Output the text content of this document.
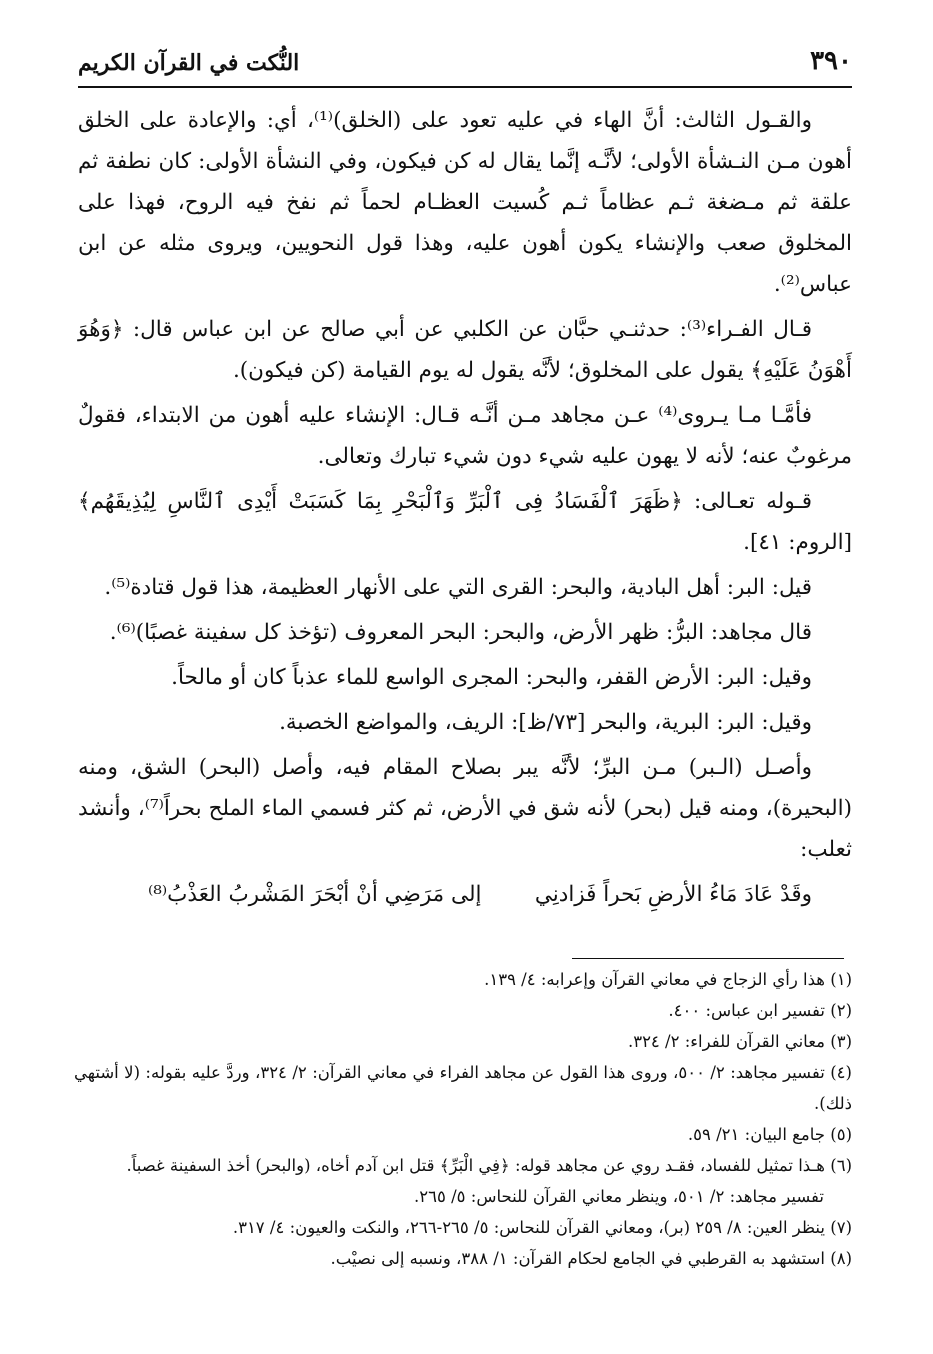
٣٩٠
النُّكت في القرآن الكريم

والقـول الثالث: أنَّ الهاء في عليه تعود على (الخلق)⁽¹⁾، أي: والإعادة على الخلق أهون مـن النـشأة الأولى؛ لأنَّـه إنَّما يقال له كن فيكون، وفي النشأة الأولى: كان نطفة ثم علقة ثم مـضغة ثـم عظاماً ثـم كُسيت العظـام لحماً ثم نفخ فيه الروح، فهذا على المخلوق صعب والإنشاء يكون أهون عليه، وهذا قول النحويين، ويروى مثله عن ابن عباس⁽²⁾.

قـال الفـراء⁽³⁾: حدثنـي حبَّان عن الكلبي عن أبي صالح عن ابن عباس قال: ﴿وَهُوَ أَهْوَنُ عَلَيْهِ﴾ يقول على المخلوق؛ لأنَّه يقول له يوم القيامة (كن فيكون).

فأمَّـا مـا يـروى⁽⁴⁾ عـن مجاهد مـن أنَّـه قـال: الإنشاء عليه أهون من الابتداء، فقولٌ مرغوبٌ عنه؛ لأنه لا يهون عليه شيء دون شيء تبارك وتعالى.

قـوله تعـالى: ﴿ظَهَرَ ٱلْفَسَادُ فِى ٱلْبَرِّ وَٱلْبَحْرِ بِمَا كَسَبَتْ أَيْدِى ٱلنَّاسِ لِيُذِيقَهُم﴾ [الروم: ٤١].

قيل: البر: أهل البادية، والبحر: القرى التي على الأنهار العظيمة، هذا قول قتادة⁽⁵⁾.

قال مجاهد: البرُّ: ظهر الأرض، والبحر: البحر المعروف (تؤخذ كل سفينة غصبًا)⁽⁶⁾.

وقيل: البر: الأرض القفر، والبحر: المجرى الواسع للماء عذباً كان أو مالحاً.

وقيل: البر: البرية، والبحر [٧٣/ظ]: الريف، والمواضع الخصبة.

وأصـل (الـبر) مـن البرِّ؛ لأنَّه يبر بصلاح المقام فيه، وأصل (البحر) الشق، ومنه (البحيرة)، ومنه قيل (بحر) لأنه شق في الأرض، ثم كثر فسمي الماء الملح بحراً⁽⁷⁾، وأنشد ثعلب:

وقَدْ عَادَ مَاءُ الأرضِ بَحراً فَزادنِي
إلى مَرَضِي أنْ أبْحَرَ المَشْربُ العَذْبُ⁽⁸⁾

(١) هذا رأي الزجاج في معاني القرآن وإعرابه: ٤/ ١٣٩.

(٢) تفسير ابن عباس: ٤٠٠.

(٣) معاني القرآن للفراء: ٢/ ٣٢٤.

(٤) تفسير مجاهد: ٢/ ٥٠٠، وروى هذا القول عن مجاهد الفراء في معاني القرآن: ٢/ ٣٢٤، وردَّ عليه بقوله: (لا أشتهي ذلك).

(٥) جامع البيان: ٢١/ ٥٩.

(٦) هـذا تمثيل للفساد، فقـد روي عن مجاهد قوله: ﴿فِي الْبَرِّ﴾ قتل ابن آدم أخاه، (والبحر) أخذ السفينة غصباً.

تفسير مجاهد: ٢/ ٥٠١، وينظر معاني القرآن للنحاس: ٥/ ٢٦٥.

(٧) ينظر العين: ٨/ ٢٥٩ (بر)، ومعاني القرآن للنحاس: ٥/ ٢٦٥-٢٦٦، والنكت والعيون: ٤/ ٣١٧.

(٨) استشهد به القرطبي في الجامع لحكام القرآن: ١/ ٣٨٨، ونسبه إلى نصيْب.
